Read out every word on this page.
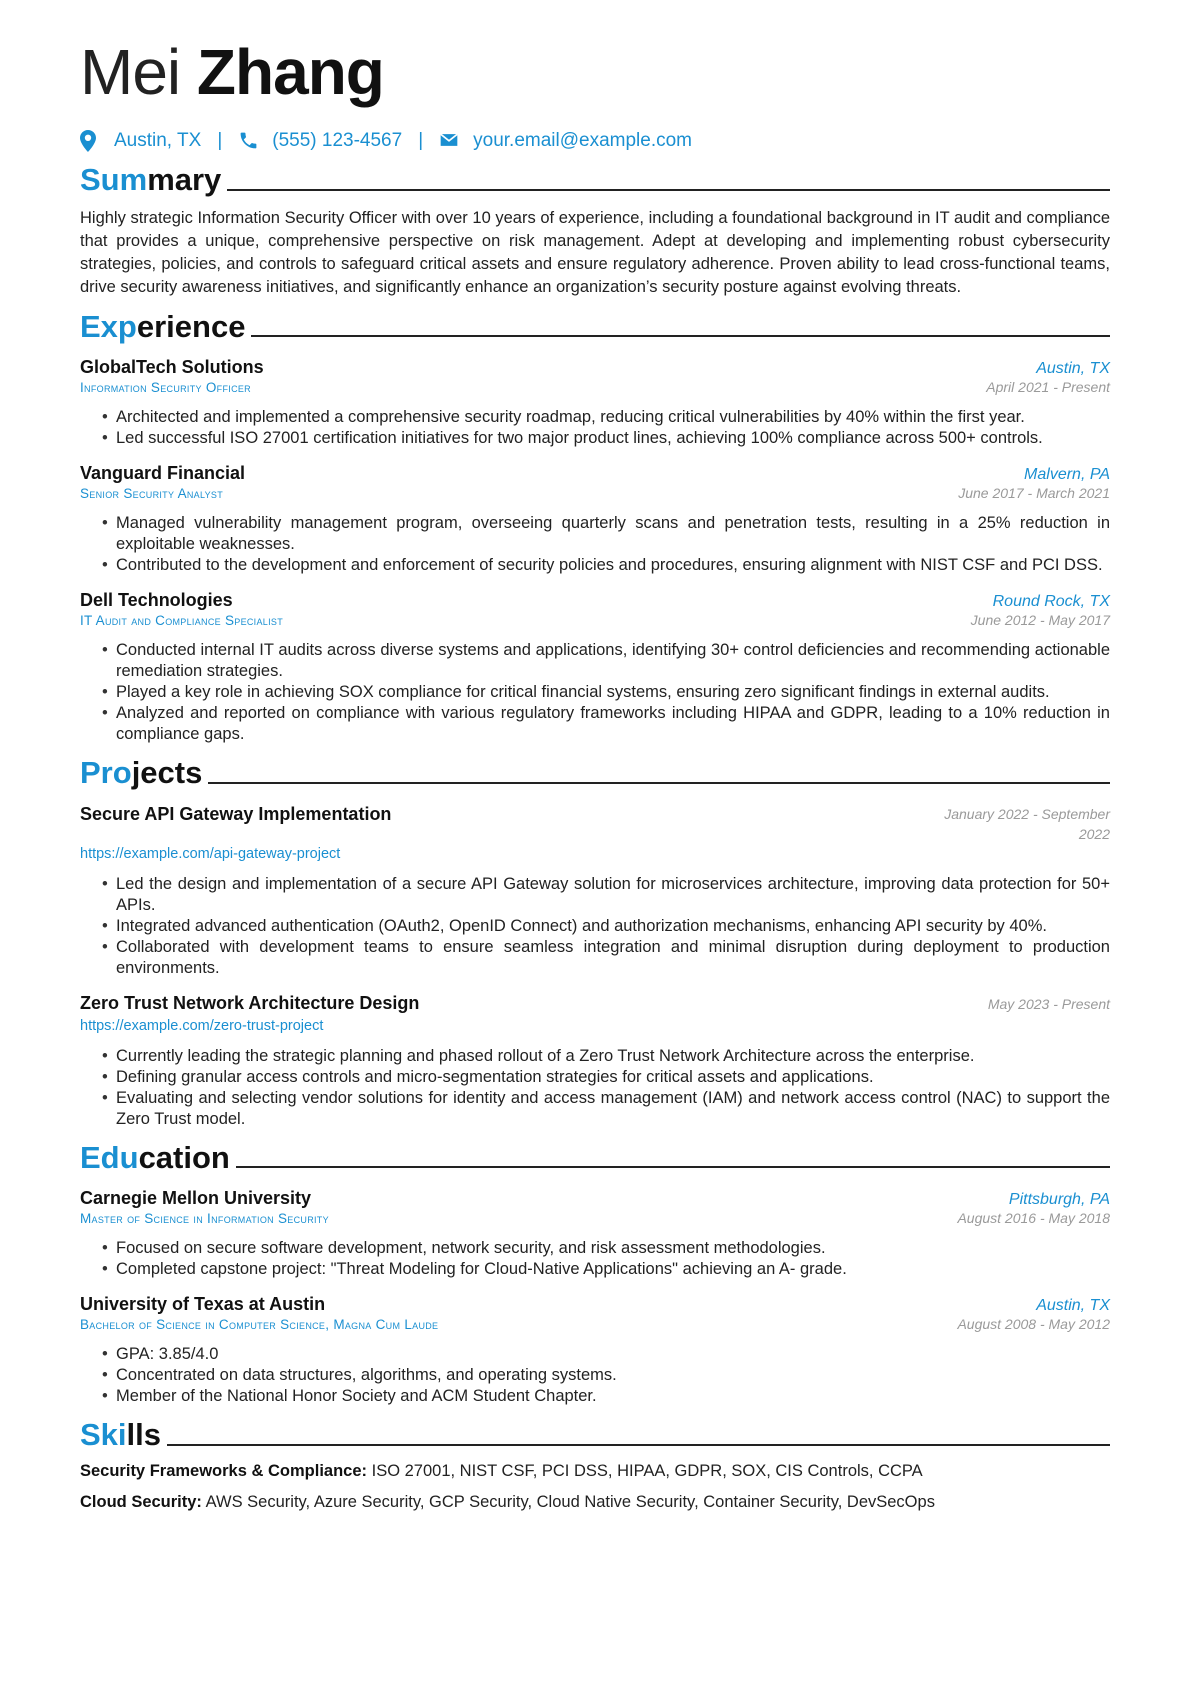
Mei Zhang
Austin, TX |	(555) 123-4567 |	your.email@example.com
Summary

Highly strategic Information Security Officer with over 10 years of experience, including a foundational background in IT audit and compliance that provides a unique, comprehensive perspective on risk management. Adept at developing and implementing robust cybersecurity strategies, policies, and controls to safeguard critical assets and ensure regulatory adherence. Proven ability to lead cross-functional teams, drive security awareness initiatives, and significantly enhance an organization’s security posture against evolving threats.

Experience
GlobalTech Solutions	Austin, TX
Information Security Officer	April 2021 - Present
• Architected and implemented a comprehensive security roadmap, reducing critical vulnerabilities by 40% within the first year.
• Led successful ISO 27001 certification initiatives for two major product lines, achieving 100% compliance across 500+ controls.
Vanguard Financial	Malvern, PA
Senior Security Analyst	June 2017 - March 2021
• Managed vulnerability management program, overseeing quarterly scans and penetration tests, resulting in a 25% reduction in exploitable weaknesses.
• Contributed to the development and enforcement of security policies and procedures, ensuring alignment with NIST CSF and PCI DSS.
Dell Technologies	Round Rock, TX
IT Audit and Compliance Specialist	June 2012 - May 2017
• Conducted internal IT audits across diverse systems and applications, identifying 30+ control deficiencies and recommending actionable remediation strategies.
• Played a key role in achieving SOX compliance for critical financial systems, ensuring zero significant findings in external audits.
• Analyzed and reported on compliance with various regulatory frameworks including HIPAA and GDPR, leading to a 10% reduction in compliance gaps.
Projects
Secure API Gateway Implementation	January 2022 - September 2022
https://example.com/api-gateway-project
• Led the design and implementation of a secure API Gateway solution for microservices architecture, improving data protection for 50+ APIs.
• Integrated advanced authentication (OAuth2, OpenID Connect) and authorization mechanisms, enhancing API security by 40%.
• Collaborated with development teams to ensure seamless integration and minimal disruption during deployment to production environments.
Zero Trust Network Architecture Design	May 2023 - Present
https://example.com/zero-trust-project
• Currently leading the strategic planning and phased rollout of a Zero Trust Network Architecture across the enterprise.
• Defining granular access controls and micro-segmentation strategies for critical assets and applications.
• Evaluating and selecting vendor solutions for identity and access management (IAM) and network access control (NAC) to support the Zero Trust model.
Education
Carnegie Mellon University	Pittsburgh, PA
Master of Science in Information Security	August 2016 - May 2018
• Focused on secure software development, network security, and risk assessment methodologies.
• Completed capstone project: "Threat Modeling for Cloud-Native Applications" achieving an A- grade.
University of Texas at Austin	Austin, TX
Bachelor of Science in Computer Science, Magna Cum Laude	August 2008 - May 2012
• GPA: 3.85/4.0
• Concentrated on data structures, algorithms, and operating systems.
• Member of the National Honor Society and ACM Student Chapter.
Skills

Security Frameworks & Compliance: ISO 27001, NIST CSF, PCI DSS, HIPAA, GDPR, SOX, CIS Controls, CCPA

Cloud Security: AWS Security, Azure Security, GCP Security, Cloud Native Security, Container Security, DevSecOps
